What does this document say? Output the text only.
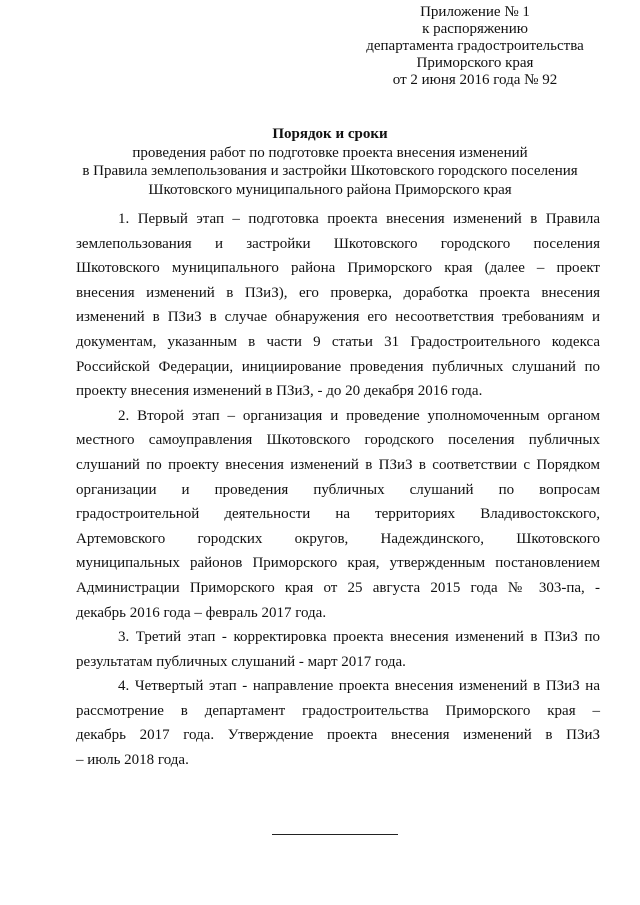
Приложение № 1
к распоряжению
департамента градостроительства
Приморского края
от 2 июня 2016 года № 92
Порядок и сроки
проведения работ по подготовке проекта внесения изменений
в Правила землепользования и застройки Шкотовского городского поселения
Шкотовского муниципального района Приморского края
1. Первый этап – подготовка проекта внесения изменений в Правила
землепользования и застройки Шкотовского городского поселения
Шкотовского муниципального района Приморского края (далее – проект
внесения изменений в ПЗиЗ), его проверка, доработка проекта внесения
изменений в ПЗиЗ в случае обнаружения его несоответствия требованиям и
документам, указанным в части 9 статьи 31 Градостроительного кодекса
Российской Федерации, инициирование проведения публичных слушаний по
проекту внесения изменений в ПЗиЗ, - до 20 декабря 2016 года.
2. Второй этап – организация и проведение уполномоченным органом
местного самоуправления Шкотовского городского поселения публичных
слушаний по проекту внесения изменений в ПЗиЗ в соответствии с Порядком
организации и проведения публичных слушаний по вопросам
градостроительной деятельности на территориях Владивостокского,
Артемовского городских округов, Надеждинского, Шкотовского
муниципальных районов Приморского края, утвержденным постановлением
Администрации Приморского края от 25 августа 2015 года № 303-па, -
декабрь 2016 года – февраль 2017 года.
3. Третий этап - корректировка проекта внесения изменений в ПЗиЗ по
результатам публичных слушаний - март 2017 года.
4. Четвертый этап - направление проекта внесения изменений в ПЗиЗ на
рассмотрение в департамент градостроительства Приморского края –
декабрь 2017 года. Утверждение проекта внесения изменений в ПЗиЗ
– июль 2018 года.
